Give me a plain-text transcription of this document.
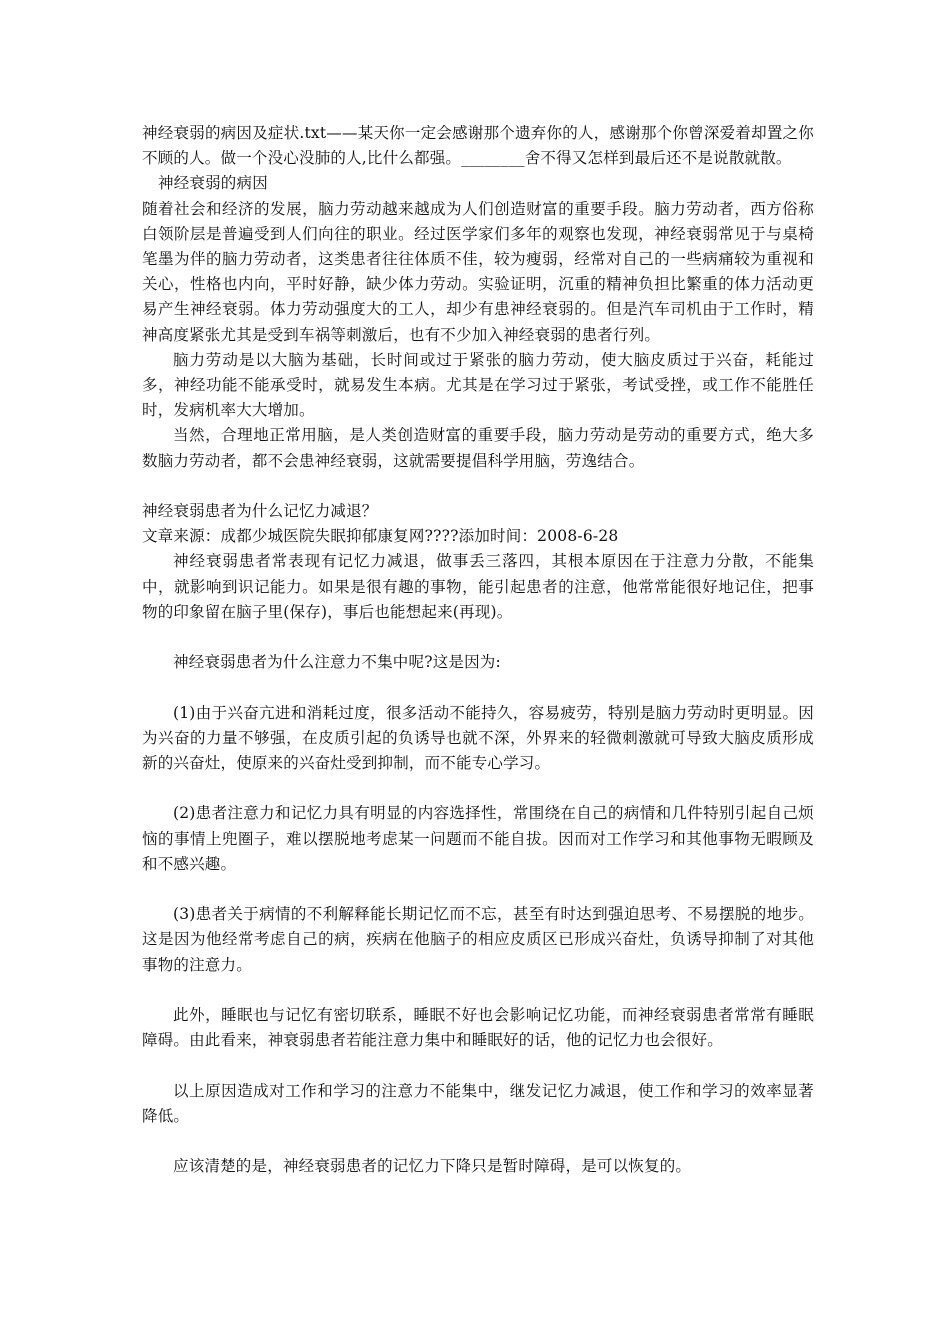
神经衰弱的病因及症状.txt——某天你一定会感谢那个遗弃你的人，感谢那个你曾深爱着却置之你不顾的人。做一个没心没肺的人,比什么都强。________舍不得又怎样到最后还不是说散就散。

神经衰弱的病因

随着社会和经济的发展，脑力劳动越来越成为人们创造财富的重要手段。脑力劳动者，西方俗称白领阶层是普遍受到人们向往的职业。经过医学家们多年的观察也发现，神经衰弱常见于与桌椅笔墨为伴的脑力劳动者，这类患者往往体质不佳，较为瘦弱，经常对自己的一些病痛较为重视和关心，性格也内向，平时好静，缺少体力劳动。实验证明，沉重的精神负担比繁重的体力活动更易产生神经衰弱。体力劳动强度大的工人，却少有患神经衰弱的。但是汽车司机由于工作时，精神高度紧张尤其是受到车祸等刺激后，也有不少加入神经衰弱的患者行列。

脑力劳动是以大脑为基础，长时间或过于紧张的脑力劳动，使大脑皮质过于兴奋，耗能过多，神经功能不能承受时，就易发生本病。尤其是在学习过于紧张，考试受挫，或工作不能胜任时，发病机率大大增加。

当然，合理地正常用脑，是人类创造财富的重要手段，脑力劳动是劳动的重要方式，绝大多数脑力劳动者，都不会患神经衰弱，这就需要提倡科学用脑，劳逸结合。

神经衰弱患者为什么记忆力减退？

文章来源：成都少城医院失眠抑郁康复网????添加时间：2008-6-28

神经衰弱患者常表现有记忆力减退，做事丢三落四，其根本原因在于注意力分散，不能集中，就影响到识记能力。如果是很有趣的事物，能引起患者的注意，他常常能很好地记住，把事物的印象留在脑子里(保存)，事后也能想起来(再现)。

神经衰弱患者为什么注意力不集中呢?这是因为:

(1)由于兴奋亢进和消耗过度，很多活动不能持久，容易疲劳，特别是脑力劳动时更明显。因为兴奋的力量不够强，在皮质引起的负诱导也就不深，外界来的轻微刺激就可导致大脑皮质形成新的兴奋灶，使原来的兴奋灶受到抑制，而不能专心学习。

(2)患者注意力和记忆力具有明显的内容选择性，常围绕在自己的病情和几件特别引起自己烦恼的事情上兜圈子，难以摆脱地考虑某一问题而不能自拔。因而对工作学习和其他事物无暇顾及和不感兴趣。

(3)患者关于病情的不利解释能长期记忆而不忘，甚至有时达到强迫思考、不易摆脱的地步。这是因为他经常考虑自己的病，疾病在他脑子的相应皮质区已形成兴奋灶，负诱导抑制了对其他事物的注意力。

此外，睡眠也与记忆有密切联系，睡眠不好也会影响记忆功能，而神经衰弱患者常常有睡眠障碍。由此看来，神衰弱患者若能注意力集中和睡眠好的话，他的记忆力也会很好。

以上原因造成对工作和学习的注意力不能集中，继发记忆力减退，使工作和学习的效率显著降低。

应该清楚的是，神经衰弱患者的记忆力下降只是暂时障碍，是可以恢复的。
